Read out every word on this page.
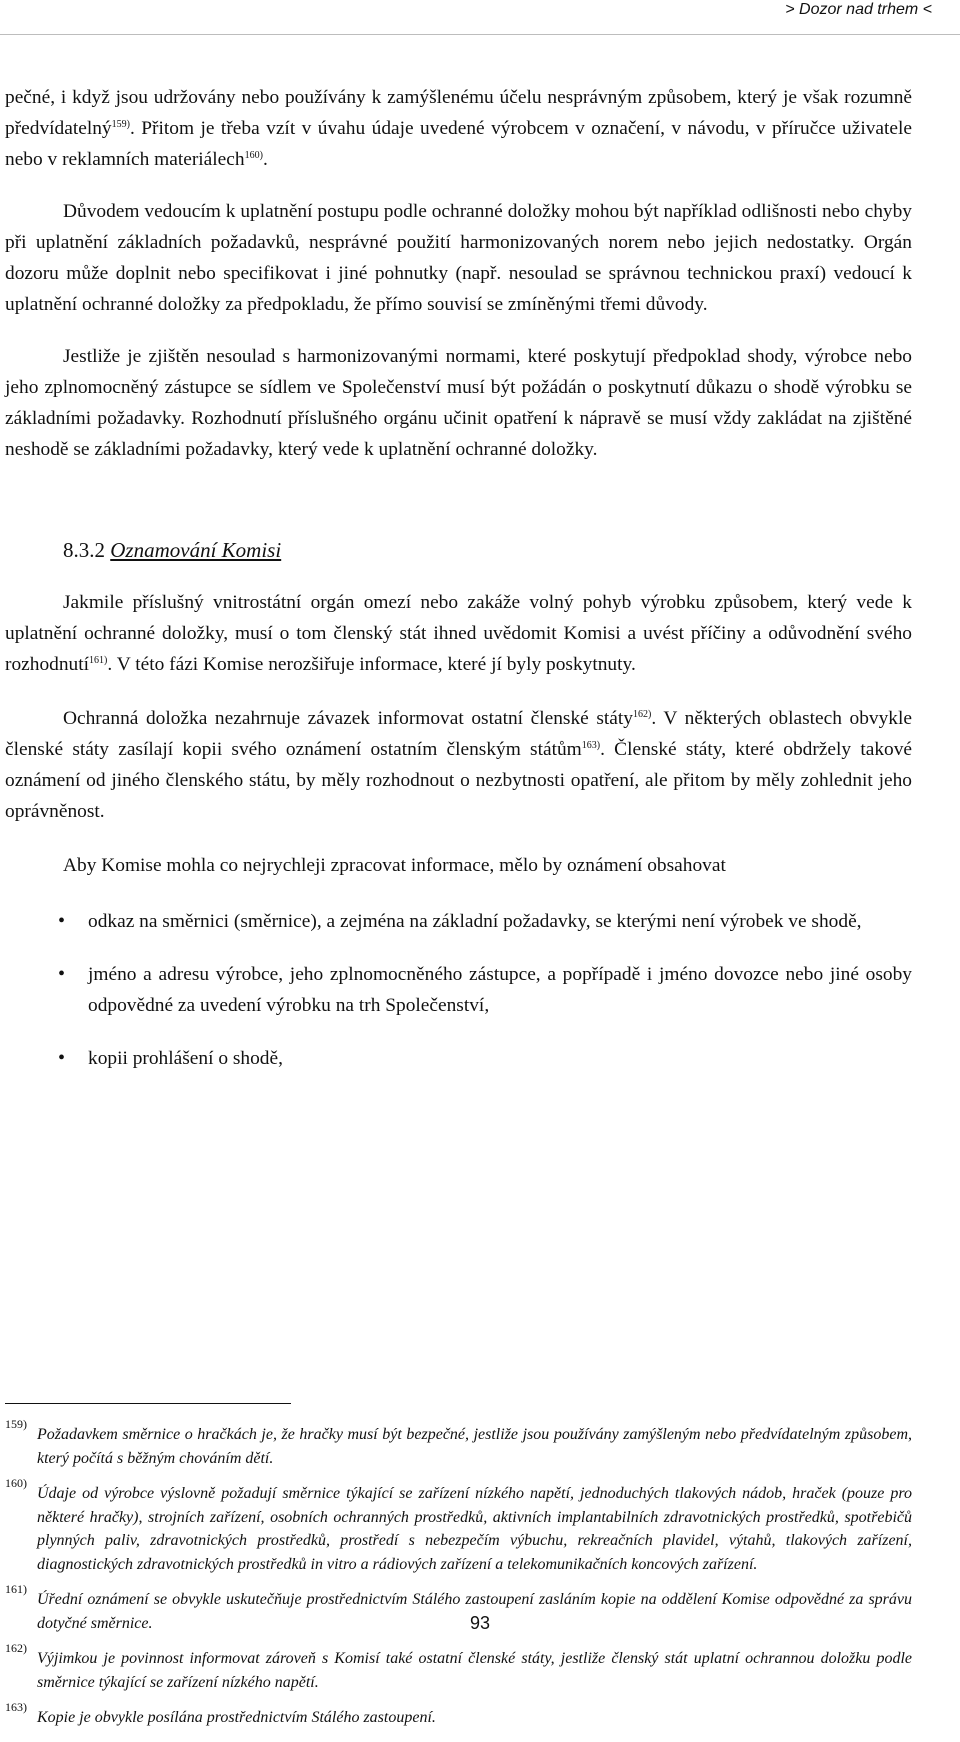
> Dozor nad trhem <

pečné, i když jsou udržovány nebo používány k zamýšlenému účelu nesprávným způsobem, který je však rozumně předvídatelný$^{159)}$. Přitom je třeba vzít v úvahu údaje uvedené výrobcem v označení, v návodu, v příručce uživatele nebo v reklamních materiálech$^{160)}$.

Důvodem vedoucím k uplatnění postupu podle ochranné doložky mohou být například odlišnosti nebo chyby při uplatnění základních požadavků, nesprávné použití harmonizovaných norem nebo jejich nedostatky. Orgán dozoru může doplnit nebo specifikovat i jiné pohnutky (např. nesoulad se správnou technickou praxí) vedoucí k uplatnění ochranné doložky za předpokladu, že přímo souvisí se zmíněnými třemi důvody.

Jestliže je zjištěn nesoulad s harmonizovanými normami, které poskytují předpoklad shody, výrobce nebo jeho zplnomocněný zástupce se sídlem ve Společenství musí být požádán o poskytnutí důkazu o shodě výrobku se základními požadavky. Rozhodnutí příslušného orgánu učinit opatření k nápravě se musí vždy zakládat na zjištěné neshodě se základními požadavky, který vede k uplatnění ochranné doložky.

8.3.2 Oznamování Komisi

Jakmile příslušný vnitrostátní orgán omezí nebo zakáže volný pohyb výrobku způsobem, který vede k uplatnění ochranné doložky, musí o tom členský stát ihned uvědomit Komisi a uvést příčiny a odůvodnění svého rozhodnutí$^{161)}$. V této fázi Komise nerozšiřuje informace, které jí byly poskytnuty.

Ochranná doložka nezahrnuje závazek informovat ostatní členské státy$^{162)}$. V některých oblastech obvykle členské státy zasílají kopii svého oznámení ostatním členským státům$^{163)}$. Členské státy, které obdržely takové oznámení od jiného členského státu, by měly rozhodnout o nezbytnosti opatření, ale přitom by měly zohlednit jeho oprávněnost.

Aby Komise mohla co nejrychleji zpracovat informace, mělo by oznámení obsahovat

• odkaz na směrnici (směrnice), a zejména na základní požadavky, se kterými není výrobek ve shodě,
• jméno a adresu výrobce, jeho zplnomocněného zástupce, a popřípadě i jméno dovozce nebo jiné osoby odpovědné za uvedení výrobku na trh Společenství,
• kopii prohlášení o shodě,
159)
Požadavkem směrnice o hračkách je, že hračky musí být bezpečné, jestliže jsou používány zamýšleným nebo předvídatelným způsobem, který počítá s běžným chováním dětí.
160)
Údaje od výrobce výslovně požadují směrnice týkající se zařízení nízkého napětí, jednoduchých tlakových nádob, hraček (pouze pro některé hračky), strojních zařízení, osobních ochranných prostředků, aktivních implantabilních zdravotnických prostředků, spotřebičů plynných paliv, zdravotnických prostředků, prostředí s nebezpečím výbuchu, rekreačních plavidel, výtahů, tlakových zařízení, diagnostických zdravotnických prostředků in vitro a rádiových zařízení a telekomunikačních koncových zařízení.
161)
Úřední oznámení se obvykle uskutečňuje prostřednictvím Stálého zastoupení zasláním kopie na oddělení Komise odpovědné za správu dotyčné směrnice.
162)
Výjimkou je povinnost informovat zároveň s Komisí také ostatní členské státy, jestliže členský stát uplatní ochrannou doložku podle směrnice týkající se zařízení nízkého napětí.
163)
Kopie je obvykle posílána prostřednictvím Stálého zastoupení.
93
